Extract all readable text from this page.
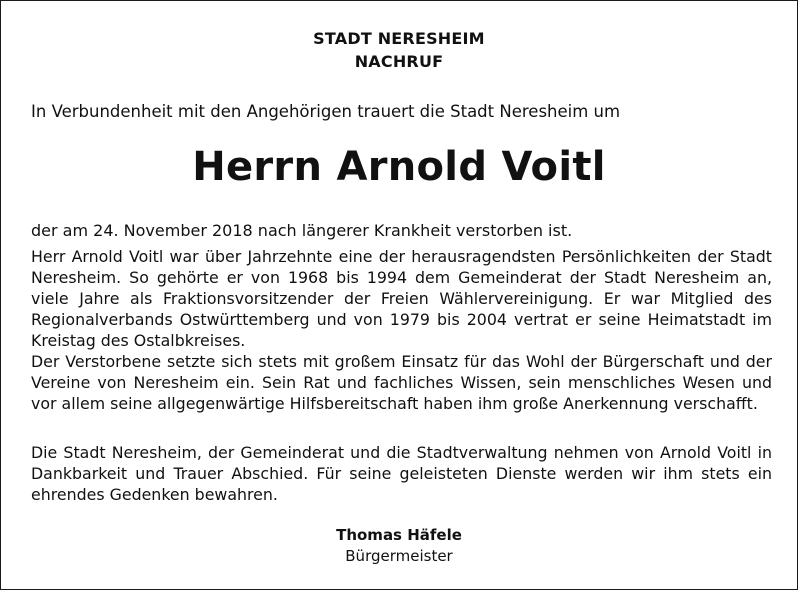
STADT NERESHEIM
NACHRUF
In Verbundenheit mit den Angehörigen trauert die Stadt Neresheim um
Herrn Arnold Voitl
der am 24. November 2018 nach längerer Krankheit verstorben ist.
Herr Arnold Voitl war über Jahrzehnte eine der herausragendsten Persönlichkeiten der Stadt Neresheim. So gehörte er von 1968 bis 1994 dem Gemeinderat der Stadt Neresheim an, viele Jahre als Fraktionsvorsitzender der Freien Wählervereinigung. Er war Mitglied des Regionalverbands Ostwürttemberg und von 1979 bis 2004 vertrat er seine Heimatstadt im Kreistag des Ostalbkreises.
Der Verstorbene setzte sich stets mit großem Einsatz für das Wohl der Bürgerschaft und der Vereine von Neresheim ein. Sein Rat und fachliches Wissen, sein menschliches Wesen und vor allem seine allgegenwärtige Hilfsbereitschaft haben ihm große Anerkennung verschafft.
Die Stadt Neresheim, der Gemeinderat und die Stadtverwaltung nehmen von Arnold Voitl in Dankbarkeit und Trauer Abschied. Für seine geleisteten Dienste werden wir ihm stets ein ehrendes Gedenken bewahren.
Thomas Häfele
Bürgermeister
